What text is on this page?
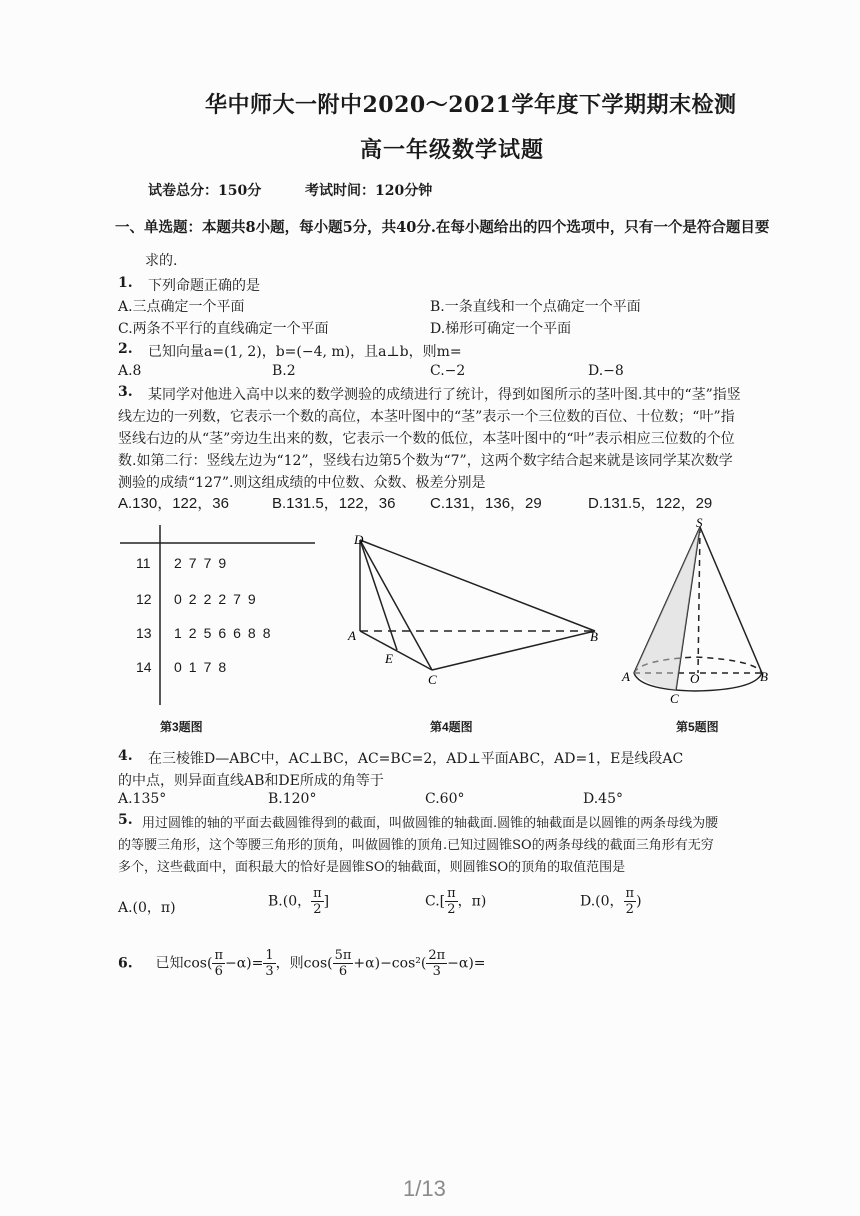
华中师大一附中2020～2021学年度下学期期末检测
高一年级数学试题
试卷总分：150分	考试时间：120分钟
一、单选题：本题共8小题，每小题5分，共40分.在每小题给出的四个选项中，只有一个是符合题目要
求的.
1. 下列命题正确的是
A.三点确定一个平面	B.一条直线和一个点确定一个平面
C.两条不平行的直线确定一个平面	D.梯形可确定一个平面
2. 已知向量a=(1, 2)，b=(−4, m)，且a⊥b，则m=
A.8	B.2	C.−2	D.−8
3. 某同学对他进入高中以来的数学测验的成绩进行了统计，得到如图所示的茎叶图.其中的“茎”指竖
线左边的一列数，它表示一个数的高位，本茎叶图中的“茎”表示一个三位数的百位、十位数；“叶”指
竖线右边的从“茎”旁边生出来的数，它表示一个数的低位，本茎叶图中的“叶”表示相应三位数的个位
数.如第二行：竖线左边为“12”，竖线右边第5个数为“7”，这两个数字结合起来就是该同学某次数学
测验的成绩“127”.则这组成绩的中位数、众数、极差分别是
A.130，122，36	B.131.5，122，36 C.131，136，29	D.131.5，122，29
11 2779
12 022279
13 1256688
14 0178
D
A
E
C
B
S
A	O
C
B
第3题图	第4题图	第5题图
4. 在三棱锥D—ABC中，AC⊥BC，AC=BC=2，AD⊥平面ABC，AD=1，E是线段AC
的中点，则异面直线AB和DE所成的角等于
A.135°	B.120°	C.60°	D.45°
5. 用过圆锥的轴的平面去截圆锥得到的截面，叫做圆锥的轴截面.圆锥的轴截面是以圆锥的两条母线为腰
的等腰三角形，这个等腰三角形的顶角，叫做圆锥的顶角.已知过圆锥SO的两条母线的截面三角形有无穷
多个，这些截面中，面积最大的恰好是圆锥SO的轴截面，则圆锥SO的顶角的取值范围是
A.(0，π)	B.(0， $\frac{\pi}{2}$ ]	$C.[ \frac{\pi}{2}$ ，π)	D.(0， $\frac{\pi}{2}$ )
6. 已知$\cos( \frac{\pi}{6} -\alpha)= \frac{1}{3}$ ，则$\cos( \frac{5\pi}{6} +\alpha)-\cos^2( \frac{2\pi}{3} -\alpha)=$
1/13
